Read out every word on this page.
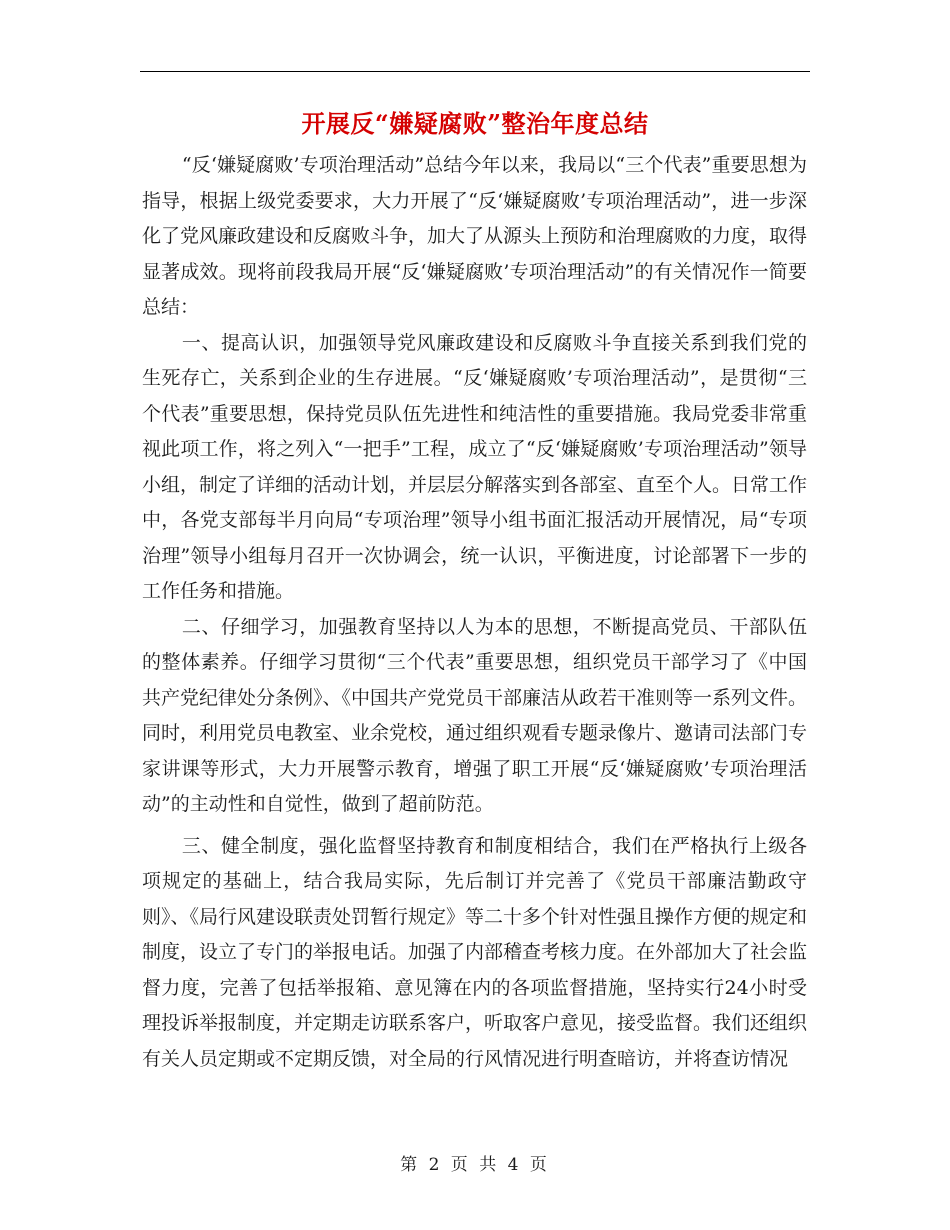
开展反“嫌疑腐败”整治年度总结

“反‘嫌疑腐败’专项治理活动”总结今年以来，我局以“三个代表”重要思想为指导，根据上级党委要求，大力开展了“反‘嫌疑腐败’专项治理活动”，进一步深化了党风廉政建设和反腐败斗争，加大了从源头上预防和治理腐败的力度，取得显著成效。现将前段我局开展“反‘嫌疑腐败’专项治理活动”的有关情况作一简要总结：

一、提高认识，加强领导党风廉政建设和反腐败斗争直接关系到我们党的生死存亡，关系到企业的生存进展。“反‘嫌疑腐败’专项治理活动”，是贯彻“三个代表”重要思想，保持党员队伍先进性和纯洁性的重要措施。我局党委非常重视此项工作，将之列入“一把手”工程，成立了“反‘嫌疑腐败’专项治理活动”领导小组，制定了详细的活动计划，并层层分解落实到各部室、直至个人。日常工作中，各党支部每半月向局“专项治理”领导小组书面汇报活动开展情况，局“专项治理”领导小组每月召开一次协调会，统一认识，平衡进度，讨论部署下一步的工作任务和措施。

二、仔细学习，加强教育坚持以人为本的思想，不断提高党员、干部队伍的整体素养。仔细学习贯彻“三个代表”重要思想，组织党员干部学习了《中国共产党纪律处分条例》、《中国共产党党员干部廉洁从政若干准则等一系列文件。同时，利用党员电教室、业余党校，通过组织观看专题录像片、邀请司法部门专家讲课等形式，大力开展警示教育，增强了职工开展“反‘嫌疑腐败’专项治理活动”的主动性和自觉性，做到了超前防范。

三、健全制度，强化监督坚持教育和制度相结合，我们在严格执行上级各项规定的基础上，结合我局实际，先后制订并完善了《党员干部廉洁勤政守则》、《局行风建设联责处罚暂行规定》等二十多个针对性强且操作方便的规定和制度，设立了专门的举报电话。加强了内部稽查考核力度。在外部加大了社会监督力度，完善了包括举报箱、意见簿在内的各项监督措施，坚持实行24小时受理投诉举报制度，并定期走访联系客户，听取客户意见，接受监督。我们还组织有关人员定期或不定期反馈，对全局的行风情况进行明查暗访，并将查访情况

第 2 页 共 4 页
